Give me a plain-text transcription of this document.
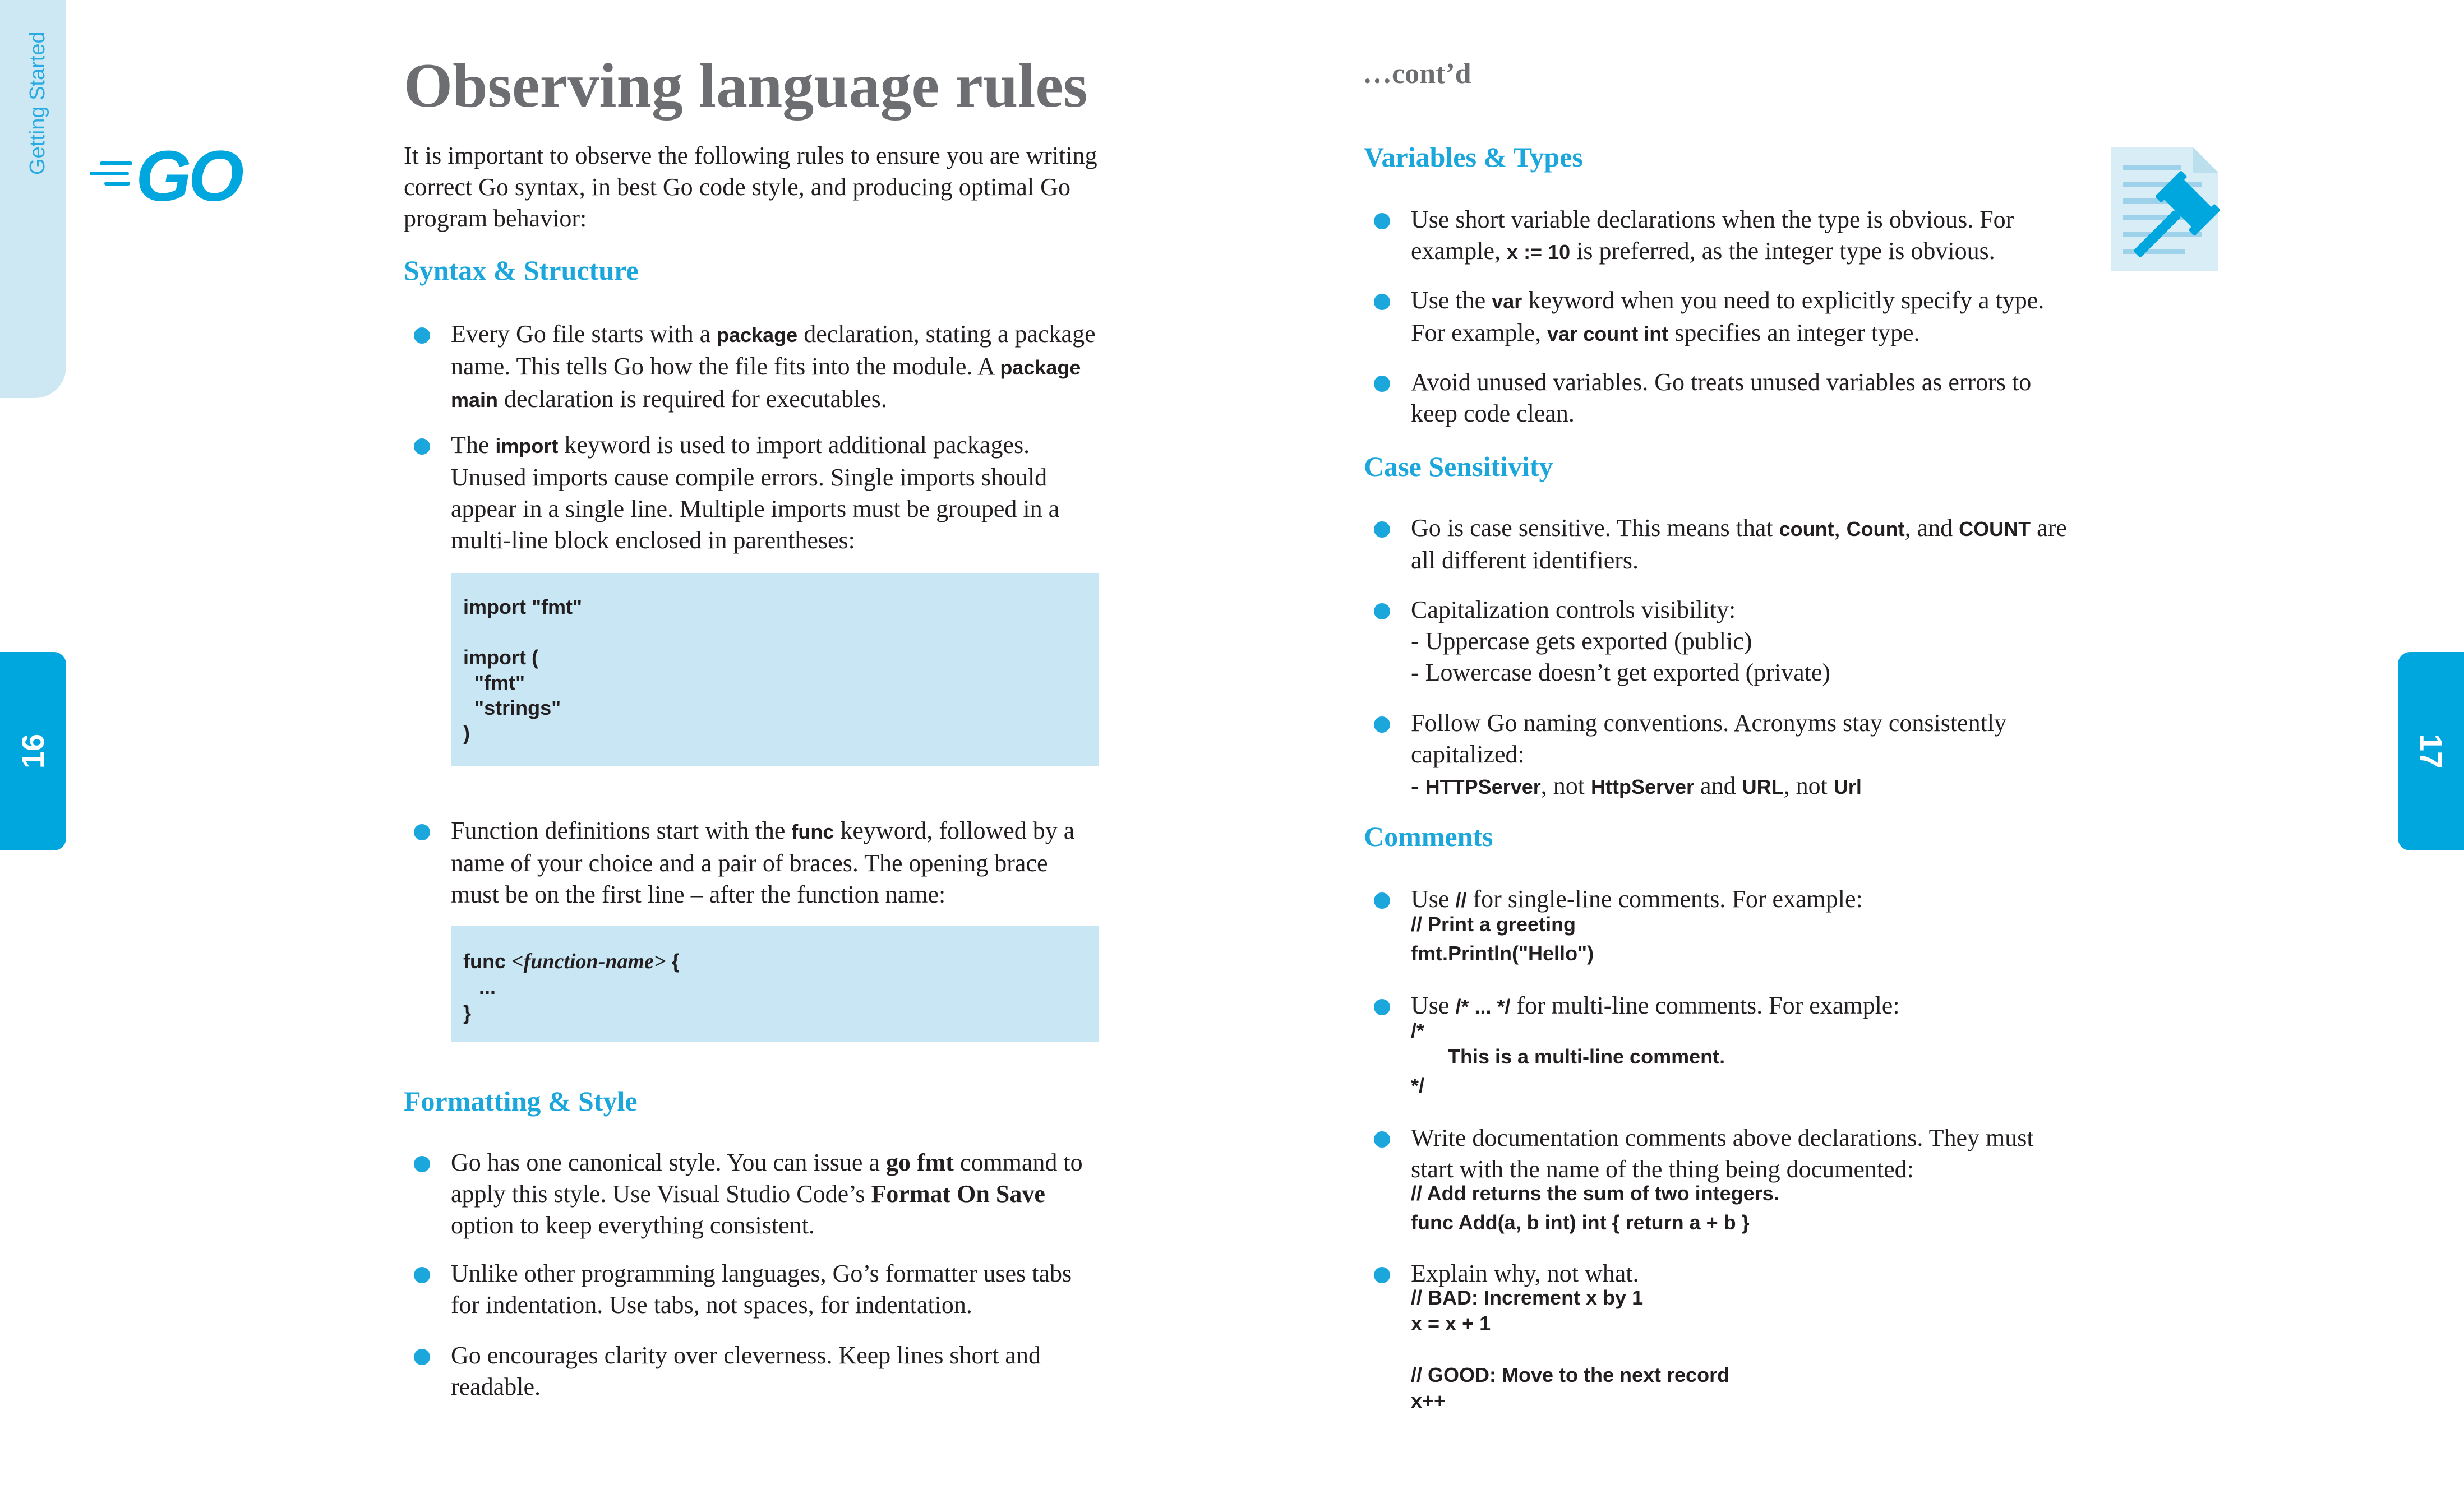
Getting Started
16	17
GO
Observing language rules	…cont’d
It is important to observe the following rules to ensure you are writing correct Go syntax, in best Go code style, and producing optimal Go program behavior:
Syntax & Structure
Every Go file starts with a package declaration, stating a package name. This tells Go how the file fits into the module. A package main declaration is required for executables.
The import keyword is used to import additional packages. Unused imports cause compile errors. Single imports should appear in a single line. Multiple imports must be grouped in a multi-line block enclosed in parentheses:
import "fmt"
import (
"fmt"
"strings"
)
Function definitions start with the func keyword, followed by a name of your choice and a pair of braces. The opening brace must be on the first line – after the function name:
func <function-name> {
...
}
Formatting & Style
Go has one canonical style. You can issue a go fmt command to apply this style. Use Visual Studio Code’s Format On Save option to keep everything consistent.
Unlike other programming languages, Go’s formatter uses tabs for indentation. Use tabs, not spaces, for indentation.
Go encourages clarity over cleverness. Keep lines short and readable.
Variables & Types
Use short variable declarations when the type is obvious. For example, x := 10 is preferred, as the integer type is obvious.
Use the var keyword when you need to explicitly specify a type. For example, var count int specifies an integer type.
Avoid unused variables. Go treats unused variables as errors to keep code clean.
Case Sensitivity
Go is case sensitive. This means that count, Count, and COUNT are all different identifiers.
Capitalization controls visibility:
- Uppercase gets exported (public)
- Lowercase doesn’t get exported (private)
Follow Go naming conventions. Acronyms stay consistently capitalized:
- HTTPServer, not HttpServer and URL, not Url
Comments
Use // for single-line comments. For example:
// Print a greeting
fmt.Println("Hello")
Use /* ... */ for multi-line comments. For example:
/*
This is a multi-line comment.
*/
Write documentation comments above declarations. They must start with the name of the thing being documented:
// Add returns the sum of two integers.
func Add(a, b int) int { return a + b }
Explain why, not what.
// BAD: Increment x by 1
x = x + 1
// GOOD: Move to the next record
x++
